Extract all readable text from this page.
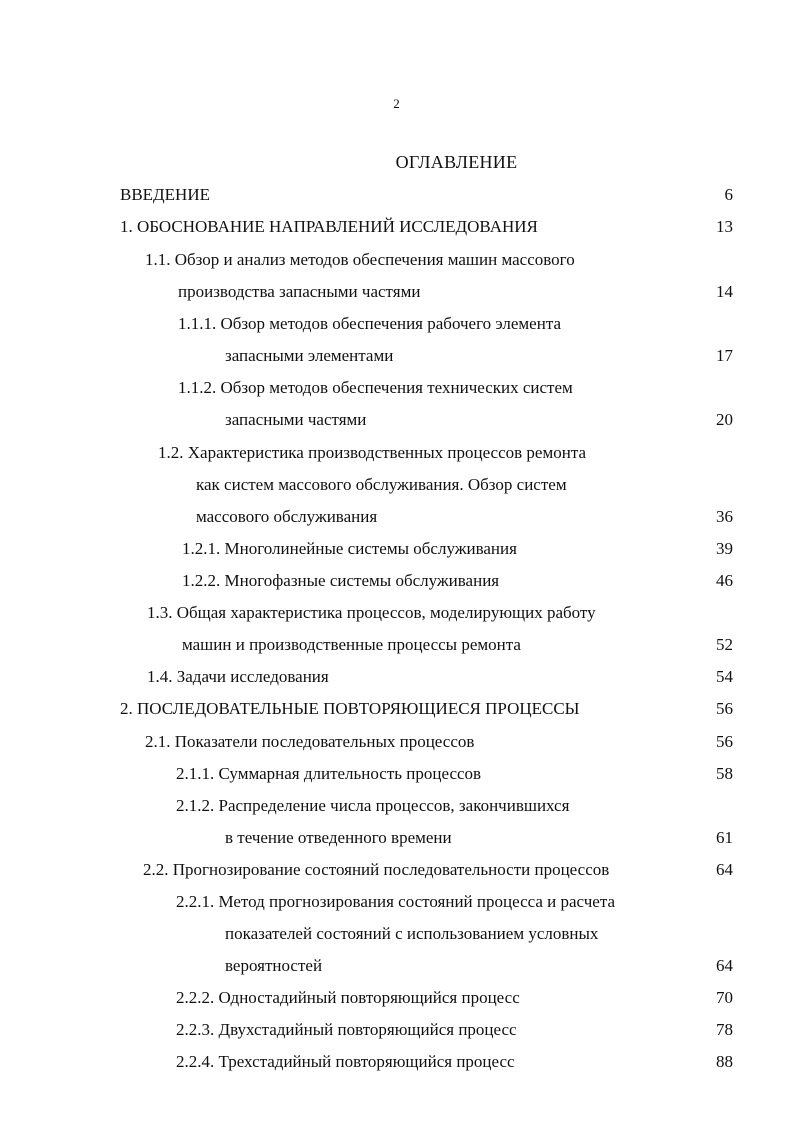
2
ОГЛАВЛЕНИЕ
ВВЕДЕНИЕ	6
1. ОБОСНОВАНИЕ НАПРАВЛЕНИЙ ИССЛЕДОВАНИЯ	13
1.1. Обзор и анализ методов обеспечения машин массового
производства запасными частями	14
1.1.1. Обзор методов обеспечения рабочего элемента
запасными элементами	17
1.1.2. Обзор методов обеспечения технических систем
запасными частями	20
1.2. Характеристика производственных процессов ремонта
как систем массового обслуживания. Обзор систем
массового обслуживания	36
1.2.1. Многолинейные системы обслуживания	39
1.2.2. Многофазные системы обслуживания	46
1.3. Общая характеристика процессов, моделирующих работу
машин и производственные процессы ремонта	52
1.4. Задачи исследования	54
2. ПОСЛЕДОВАТЕЛЬНЫЕ ПОВТОРЯЮЩИЕСЯ ПРОЦЕССЫ	56
2.1. Показатели последовательных процессов	56
2.1.1. Суммарная длительность процессов	58
2.1.2. Распределение числа процессов, закончившихся
в течение отведенного времени	61
2.2. Прогнозирование состояний последовательности процессов	64
2.2.1. Метод прогнозирования состояний процесса и расчета
показателей состояний с использованием условных
вероятностей	64
2.2.2. Одностадийный повторяющийся процесс	70
2.2.3. Двухстадийный повторяющийся процесс	78
2.2.4. Трехстадийный повторяющийся процесс	88
